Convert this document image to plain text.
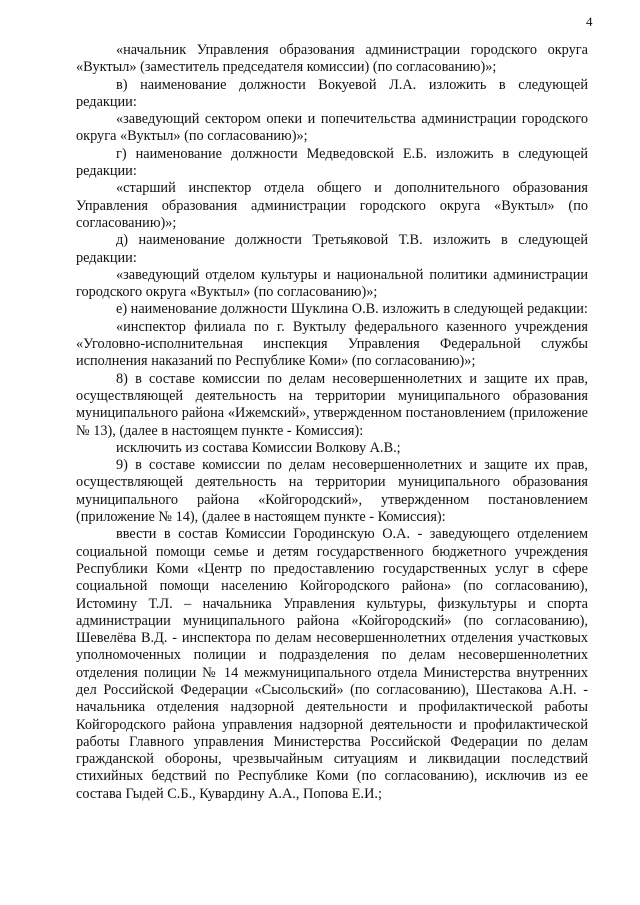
4

«начальник Управления образования администрации городского округа «Вуктыл» (заместитель председателя комиссии) (по согласованию)»;

в) наименование должности Вокуевой Л.А. изложить в следующей редакции:

«заведующий сектором опеки и попечительства администрации городского округа «Вуктыл» (по согласованию)»;

г) наименование должности Медведовской Е.Б. изложить в следующей редакции:

«старший инспектор отдела общего и дополнительного образования Управления образования администрации городского округа «Вуктыл» (по согласованию)»;

д) наименование должности Третьяковой Т.В. изложить в следующей редакции:

«заведующий отделом культуры и национальной политики администрации городского округа «Вуктыл» (по согласованию)»;

е) наименование должности Шуклина О.В. изложить в следующей редакции:

«инспектор филиала по г. Вуктылу федерального казенного учреждения «Уголовно-исполнительная инспекция Управления Федеральной службы исполнения наказаний по Республике Коми» (по согласованию)»;

8) в составе комиссии по делам несовершеннолетних и защите их прав, осуществляющей деятельность на территории муниципального образования муниципального района «Ижемский», утвержденном постановлением (приложение № 13), (далее в настоящем пункте - Комиссия):

исключить из состава Комиссии Волкову А.В.;

9) в составе комиссии по делам несовершеннолетних и защите их прав, осуществляющей деятельность на территории муниципального образования муниципального района «Койгородский», утвержденном постановлением (приложение № 14), (далее в настоящем пункте - Комиссия):

ввести в состав Комиссии Городинскую О.А. - заведующего отделением социальной помощи семье и детям государственного бюджетного учреждения Республики Коми «Центр по предоставлению государственных услуг в сфере социальной помощи населению Койгородского района» (по согласованию), Истомину Т.Л. – начальника Управления культуры, физкультуры и спорта администрации муниципального района «Койгородский» (по согласованию), Шевелёва В.Д. - инспектора по делам несовершеннолетних отделения участковых уполномоченных полиции и подразделения по делам несовершеннолетних отделения полиции № 14 межмуниципального отдела Министерства внутренних дел Российской Федерации «Сысольский» (по согласованию), Шестакова А.Н. - начальника отделения надзорной деятельности и профилактической работы Койгородского района управления надзорной деятельности и профилактической работы Главного управления Министерства Российской Федерации по делам гражданской обороны, чрезвычайным ситуациям и ликвидации последствий стихийных бедствий по Республике Коми (по согласованию), исключив из ее состава Гыдей С.Б., Кувардину А.А., Попова Е.И.;
